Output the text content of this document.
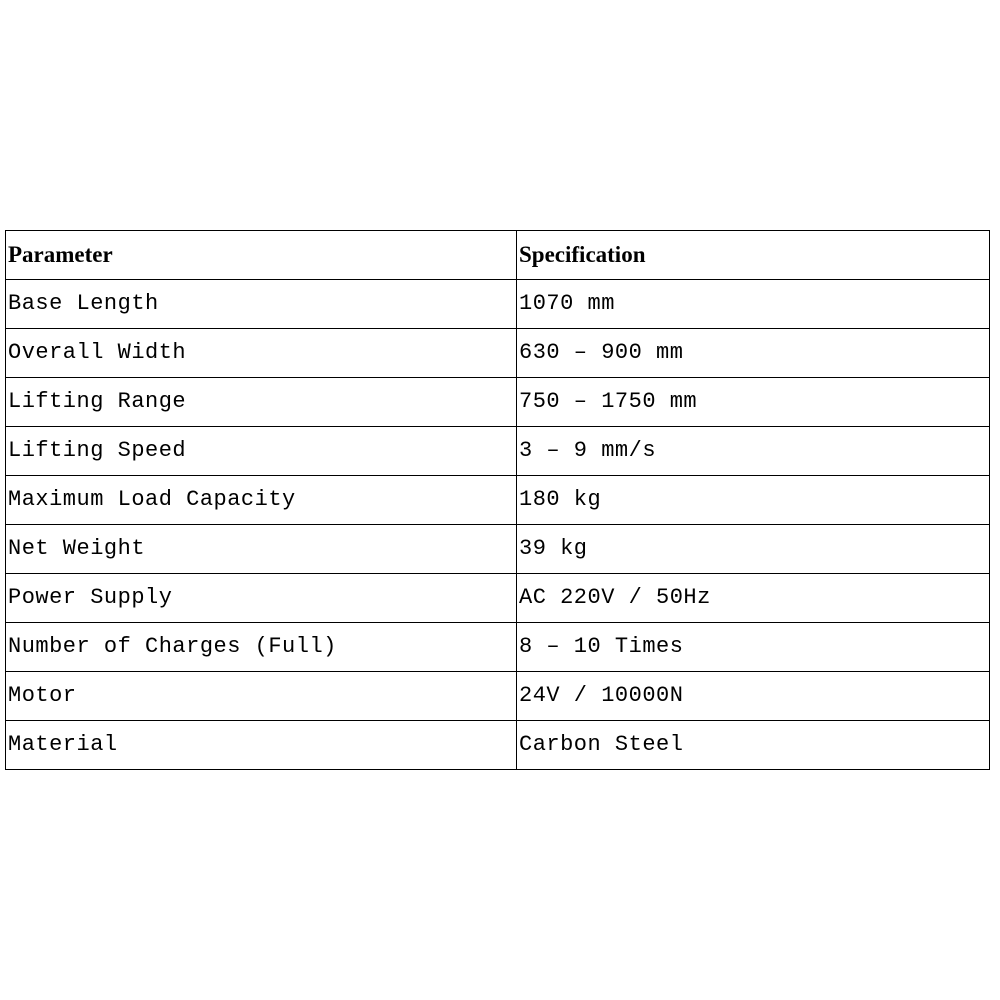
Parameter	Specification
Base Length	1070 mm
Overall Width	630 – 900 mm
Lifting Range	750 – 1750 mm
Lifting Speed	3 – 9 mm/s
Maximum Load Capacity	180 kg
Net Weight	39 kg
Power Supply	AC 220V / 50Hz
Number of Charges (Full)	8 – 10 Times
Motor	24V / 10000N
Material	Carbon Steel
